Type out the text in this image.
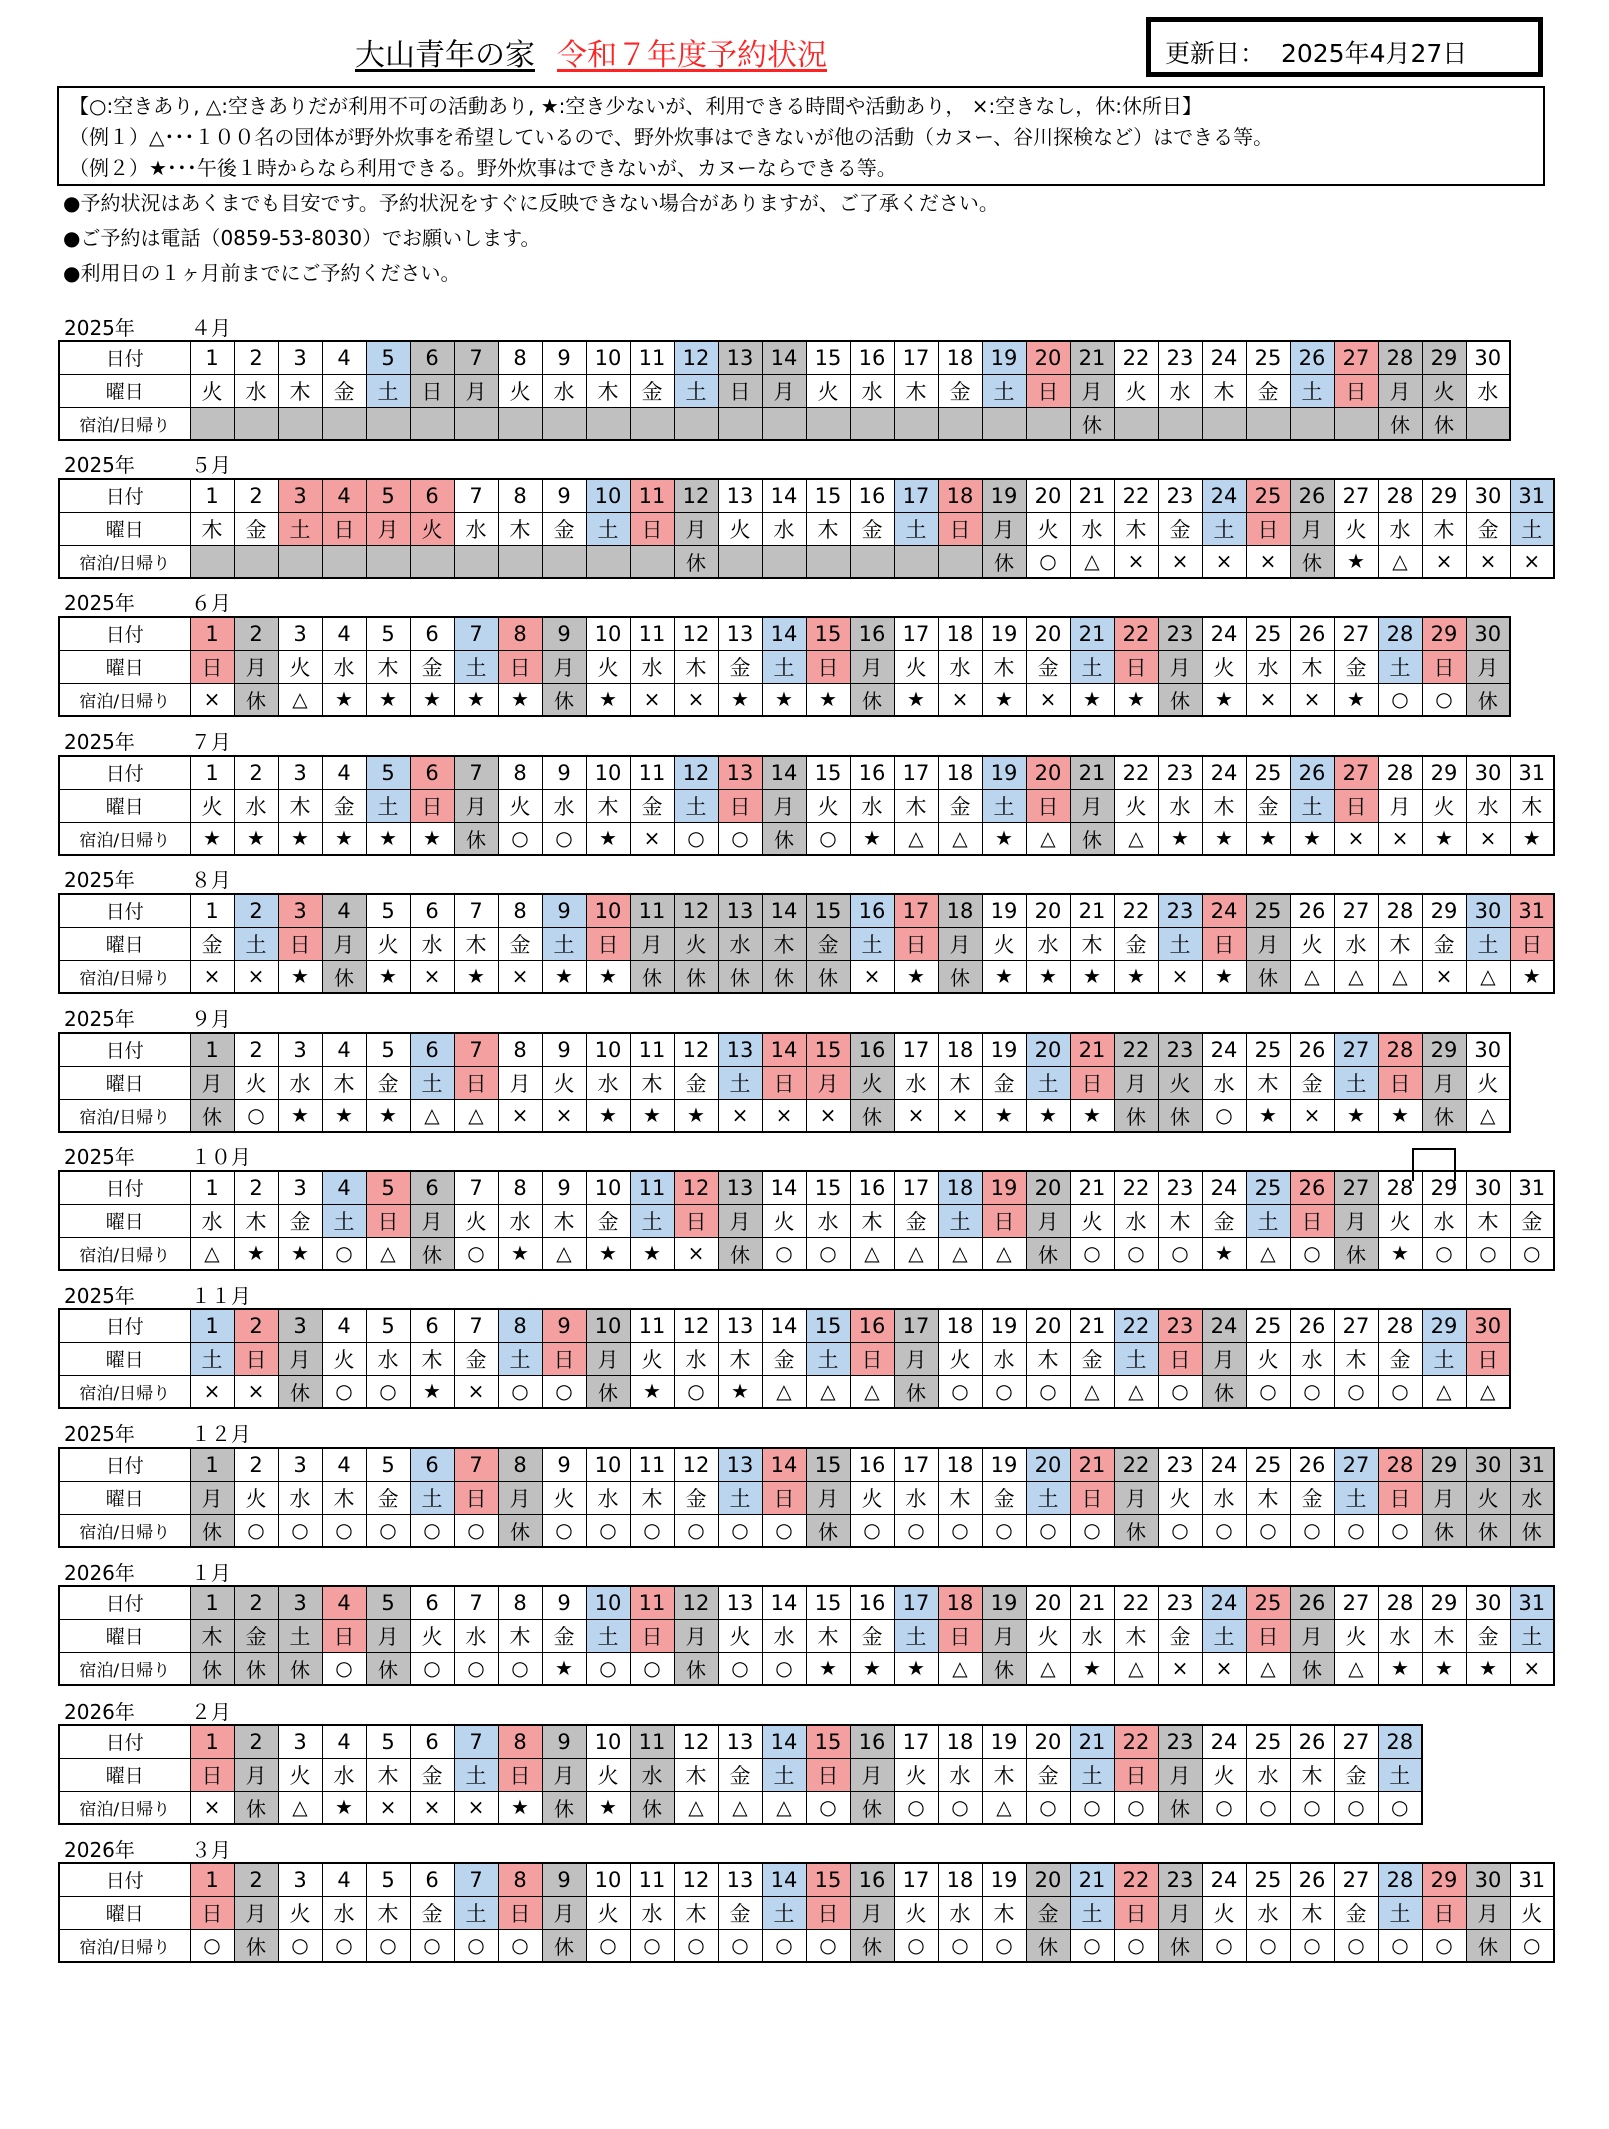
大山青年の家 令和７年度予約状況	更新日： 2025年4月27日
【○:空きあり, △:空きありだが利用不可の活動あり, ★:空き少ないが、利用できる時間や活動あり， ×:空きなし，休:休所日】
（例１）△･･･１００名の団体が野外炊事を希望しているので、野外炊事はできないが他の活動（カヌー、谷川探検など）はできる等。
（例２）★･･･午後１時からなら利用できる。野外炊事はできないが、カヌーならできる等。
●予約状況はあくまでも目安です。予約状況をすぐに反映できない場合がありますが、ご了承ください。
●ご予約は電話（0859-53-8030）でお願いします。
●利用日の１ヶ月前までにご予約ください。
2025年	４月
日付	1	2	3	4	5	6	7	8	9	10	11	12	13	14	15	16	17	18	19	20	21	22	23	24	25	26	27	28	29	30
曜日	火	水	木	金	土	日	月	火	水	木	金	土	日	月	火	水	木	金	土	日	月	火	水	木	金	土	日	月	火	水
宿泊/日帰り																					休							休	休	
2025年	５月
日付	1	2	3	4	5	6	7	8	9	10	11	12	13	14	15	16	17	18	19	20	21	22	23	24	25	26	27	28	29	30	31
曜日	木	金	土	日	月	火	水	木	金	土	日	月	火	水	木	金	土	日	月	火	水	木	金	土	日	月	火	水	木	金	土
宿泊/日帰り												休							休	○	△	×	×	×	×	休	★	△	×	×	×
2025年	６月
日付	1	2	3	4	5	6	7	8	9	10	11	12	13	14	15	16	17	18	19	20	21	22	23	24	25	26	27	28	29	30
曜日	日	月	火	水	木	金	土	日	月	火	水	木	金	土	日	月	火	水	木	金	土	日	月	火	水	木	金	土	日	月
宿泊/日帰り	×	休	△	★	★	★	★	★	休	★	×	×	★	★	★	休	★	×	★	×	★	★	休	★	×	×	★	○	○	休
2025年	７月
日付	1	2	3	4	5	6	7	8	9	10	11	12	13	14	15	16	17	18	19	20	21	22	23	24	25	26	27	28	29	30	31
曜日	火	水	木	金	土	日	月	火	水	木	金	土	日	月	火	水	木	金	土	日	月	火	水	木	金	土	日	月	火	水	木
宿泊/日帰り	★	★	★	★	★	★	休	○	○	★	×	○	○	休	○	★	△	△	★	△	休	△	★	★	★	★	×	×	★	×	★
2025年	８月
日付	1	2	3	4	5	6	7	8	9	10	11	12	13	14	15	16	17	18	19	20	21	22	23	24	25	26	27	28	29	30	31
曜日	金	土	日	月	火	水	木	金	土	日	月	火	水	木	金	土	日	月	火	水	木	金	土	日	月	火	水	木	金	土	日
宿泊/日帰り	×	×	★	休	★	×	★	×	★	★	休	休	休	休	休	×	★	休	★	★	★	★	×	★	休	△	△	△	×	△	★
2025年	９月
日付	1	2	3	4	5	6	7	8	9	10	11	12	13	14	15	16	17	18	19	20	21	22	23	24	25	26	27	28	29	30
曜日	月	火	水	木	金	土	日	月	火	水	木	金	土	日	月	火	水	木	金	土	日	月	火	水	木	金	土	日	月	火
宿泊/日帰り	休	○	★	★	★	△	△	×	×	★	★	★	×	×	×	休	×	×	★	★	★	休	休	○	★	×	★	★	休	△
2025年	１０月
日付	1	2	3	4	5	6	7	8	9	10	11	12	13	14	15	16	17	18	19	20	21	22	23	24	25	26	27	28	29	30	31
曜日	水	木	金	土	日	月	火	水	木	金	土	日	月	火	水	木	金	土	日	月	火	水	木	金	土	日	月	火	水	木	金
宿泊/日帰り	△	★	★	○	△	休	○	★	△	★	★	×	休	○	○	△	△	△	△	休	○	○	○	★	△	○	休	★	○	○	○
2025年	１１月
日付	1	2	3	4	5	6	7	8	9	10	11	12	13	14	15	16	17	18	19	20	21	22	23	24	25	26	27	28	29	30
曜日	土	日	月	火	水	木	金	土	日	月	火	水	木	金	土	日	月	火	水	木	金	土	日	月	火	水	木	金	土	日
宿泊/日帰り	×	×	休	○	○	★	×	○	○	休	★	○	★	△	△	△	休	○	○	○	△	△	○	休	○	○	○	○	△	△
2025年	１２月
日付	1	2	3	4	5	6	7	8	9	10	11	12	13	14	15	16	17	18	19	20	21	22	23	24	25	26	27	28	29	30	31
曜日	月	火	水	木	金	土	日	月	火	水	木	金	土	日	月	火	水	木	金	土	日	月	火	水	木	金	土	日	月	火	水
宿泊/日帰り	休	○	○	○	○	○	○	休	○	○	○	○	○	○	休	○	○	○	○	○	○	休	○	○	○	○	○	○	休	休	休
2026年	１月
日付	1	2	3	4	5	6	7	8	9	10	11	12	13	14	15	16	17	18	19	20	21	22	23	24	25	26	27	28	29	30	31
曜日	木	金	土	日	月	火	水	木	金	土	日	月	火	水	木	金	土	日	月	火	水	木	金	土	日	月	火	水	木	金	土
宿泊/日帰り	休	休	休	○	休	○	○	○	★	○	○	休	○	○	★	★	★	△	休	△	★	△	×	×	△	休	△	★	★	★	×
2026年	２月
日付	1	2	3	4	5	6	7	8	9	10	11	12	13	14	15	16	17	18	19	20	21	22	23	24	25	26	27	28
曜日	日	月	火	水	木	金	土	日	月	火	水	木	金	土	日	月	火	水	木	金	土	日	月	火	水	木	金	土
宿泊/日帰り	×	休	△	★	×	×	×	★	休	★	休	△	△	△	○	休	○	○	△	○	○	○	休	○	○	○	○	○
2026年	３月
日付	1	2	3	4	5	6	7	8	9	10	11	12	13	14	15	16	17	18	19	20	21	22	23	24	25	26	27	28	29	30	31
曜日	日	月	火	水	木	金	土	日	月	火	水	木	金	土	日	月	火	水	木	金	土	日	月	火	水	木	金	土	日	月	火
宿泊/日帰り	○	休	○	○	○	○	○	○	休	○	○	○	○	○	○	休	○	○	○	休	○	○	休	○	○	○	○	○	○	休	○
